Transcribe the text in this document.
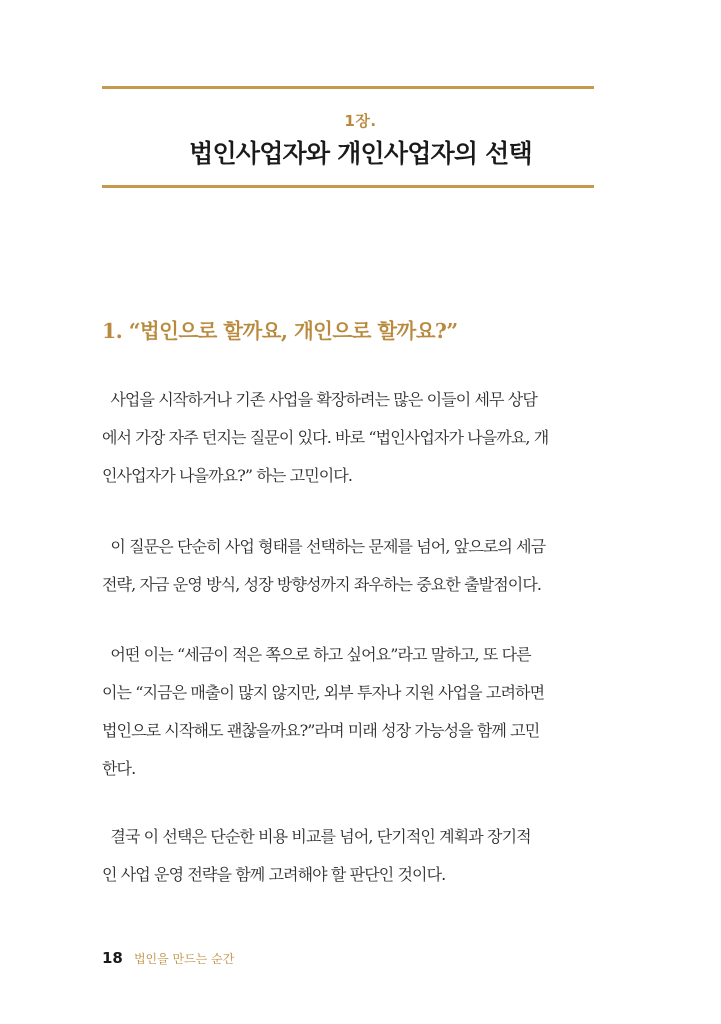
1장.
법인사업자와 개인사업자의 선택
1. “법인으로 할까요, 개인으로 할까요?”

사업을 시작하거나 기존 사업을 확장하려는 많은 이들이 세무 상담
에서 가장 자주 던지는 질문이 있다. 바로 “법인사업자가 나을까요, 개
인사업자가 나을까요?” 하는 고민이다.

이 질문은 단순히 사업 형태를 선택하는 문제를 넘어, 앞으로의 세금
전략, 자금 운영 방식, 성장 방향성까지 좌우하는 중요한 출발점이다.

어떤 이는 “세금이 적은 쪽으로 하고 싶어요”라고 말하고, 또 다른
이는 “지금은 매출이 많지 않지만, 외부 투자나 지원 사업을 고려하면
법인으로 시작해도 괜찮을까요?”라며 미래 성장 가능성을 함께 고민
한다.

결국 이 선택은 단순한 비용 비교를 넘어, 단기적인 계획과 장기적
인 사업 운영 전략을 함께 고려해야 할 판단인 것이다.

18 법인을 만드는 순간
